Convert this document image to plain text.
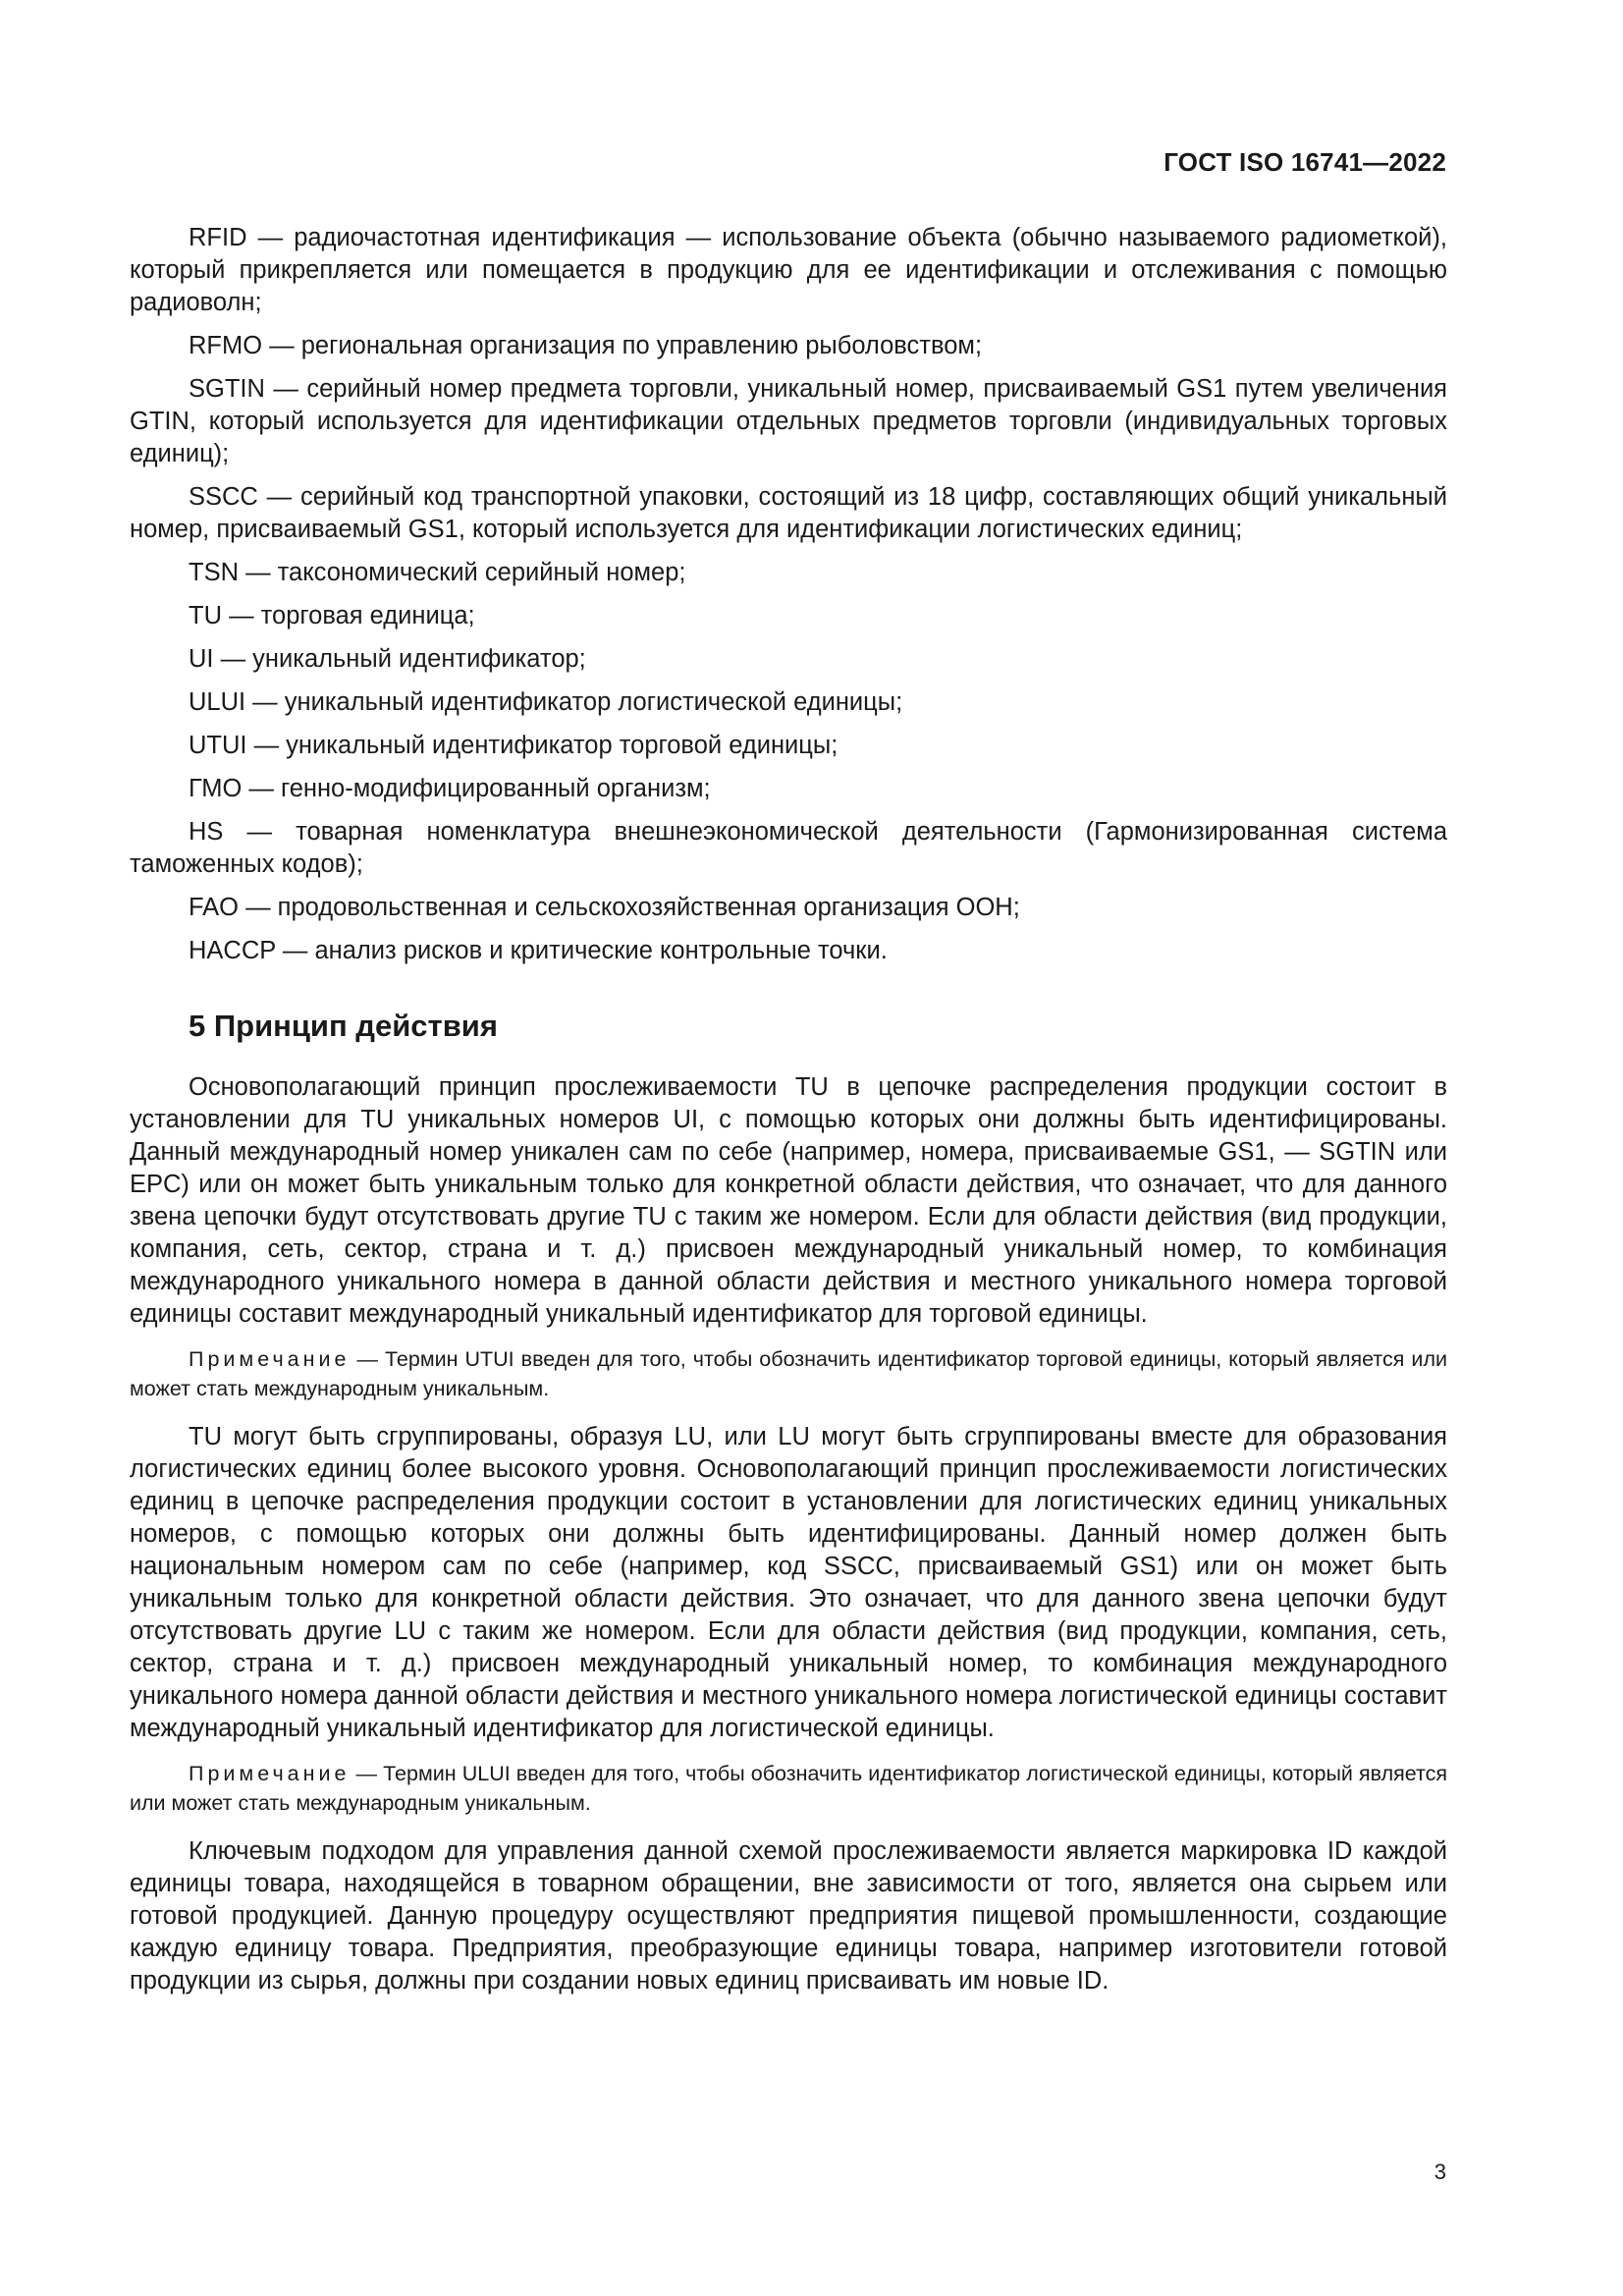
ГОСТ ISO 16741—2022

RFID — радиочастотная идентификация — использование объекта (обычно называемого радиометкой), который прикрепляется или помещается в продукцию для ее идентификации и отслеживания с помощью радиоволн;

RFMO — региональная организация по управлению рыболовством;

SGTIN — серийный номер предмета торговли, уникальный номер, присваиваемый GS1 путем увеличения GTIN, который используется для идентификации отдельных предметов торговли (индивидуальных торговых единиц);

SSCC — серийный код транспортной упаковки, состоящий из 18 цифр, составляющих общий уникальный номер, присваиваемый GS1, который используется для идентификации логистических единиц;

TSN — таксономический серийный номер;

TU — торговая единица;

UI — уникальный идентификатор;

ULUI — уникальный идентификатор логистической единицы;

UTUI — уникальный идентификатор торговой единицы;

ГМО — генно-модифицированный организм;

HS — товарная номенклатура внешнеэкономической деятельности (Гармонизированная система таможенных кодов);

FAO — продовольственная и сельскохозяйственная организация ООН;

HACCP — анализ рисков и критические контрольные точки.

5 Принцип действия

Основополагающий принцип прослеживаемости TU в цепочке распределения продукции состоит в установлении для TU уникальных номеров UI, с помощью которых они должны быть идентифицированы. Данный международный номер уникален сам по себе (например, номера, присваиваемые GS1, — SGTIN или EPC) или он может быть уникальным только для конкретной области действия, что означает, что для данного звена цепочки будут отсутствовать другие TU с таким же номером. Если для области действия (вид продукции, компания, сеть, сектор, страна и т. д.) присвоен международный уникальный номер, то комбинация международного уникального номера в данной области действия и местного уникального номера торговой единицы составит международный уникальный идентификатор для торговой единицы.

Примечание — Термин UTUI введен для того, чтобы обозначить идентификатор торговой единицы, который является или может стать международным уникальным.

TU могут быть сгруппированы, образуя LU, или LU могут быть сгруппированы вместе для образования логистических единиц более высокого уровня. Основополагающий принцип прослеживаемости логистических единиц в цепочке распределения продукции состоит в установлении для логистических единиц уникальных номеров, с помощью которых они должны быть идентифицированы. Данный номер должен быть национальным номером сам по себе (например, код SSCC, присваиваемый GS1) или он может быть уникальным только для конкретной области действия. Это означает, что для данного звена цепочки будут отсутствовать другие LU с таким же номером. Если для области действия (вид продукции, компания, сеть, сектор, страна и т. д.) присвоен международный уникальный номер, то комбинация международного уникального номера данной области действия и местного уникального номера логистической единицы составит международный уникальный идентификатор для логистической единицы.

Примечание — Термин ULUI введен для того, чтобы обозначить идентификатор логистической единицы, который является или может стать международным уникальным.

Ключевым подходом для управления данной схемой прослеживаемости является маркировка ID каждой единицы товара, находящейся в товарном обращении, вне зависимости от того, является она сырьем или готовой продукцией. Данную процедуру осуществляют предприятия пищевой промышленности, создающие каждую единицу товара. Предприятия, преобразующие единицы товара, например изготовители готовой продукции из сырья, должны при создании новых единиц присваивать им новые ID.

3
